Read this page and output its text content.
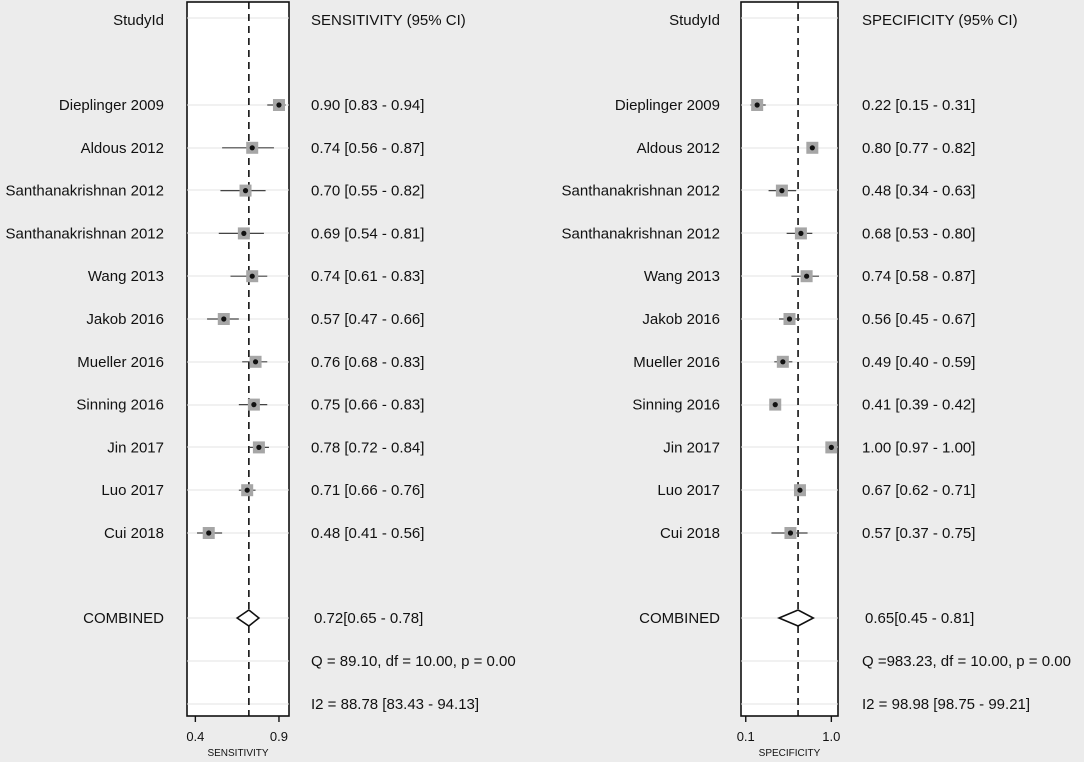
StudyId	SENSITIVITY (95% CI)
Dieplinger 2009	0.90 [0.83 - 0.94]
Aldous 2012	0.74 [0.56 - 0.87]
Santhanakrishnan 2012	0.70 [0.55 - 0.82]
Santhanakrishnan 2012	0.69 [0.54 - 0.81]
Wang 2013	0.74 [0.61 - 0.83]
Jakob 2016	0.57 [0.47 - 0.66]
Mueller 2016	0.76 [0.68 - 0.83]
Sinning 2016	0.75 [0.66 - 0.83]
Jin 2017	0.78 [0.72 - 0.84]
Luo 2017	0.71 [0.66 - 0.76]
Cui 2018	0.48 [0.41 - 0.56]
COMBINED	0.72[0.65 - 0.78]
Q = 89.10, df = 10.00, p = 0.00
I2 = 88.78 [83.43 - 94.13]
0.4	0.9
SENSITIVITY
StudyId	SPECIFICITY (95% CI)
Dieplinger 2009	0.22 [0.15 - 0.31]
Aldous 2012	0.80 [0.77 - 0.82]
Santhanakrishnan 2012	0.48 [0.34 - 0.63]
Santhanakrishnan 2012	0.68 [0.53 - 0.80]
Wang 2013	0.74 [0.58 - 0.87]
Jakob 2016	0.56 [0.45 - 0.67]
Mueller 2016	0.49 [0.40 - 0.59]
Sinning 2016	0.41 [0.39 - 0.42]
Jin 2017	1.00 [0.97 - 1.00]
Luo 2017	0.67 [0.62 - 0.71]
Cui 2018	0.57 [0.37 - 0.75]
COMBINED	0.65[0.45 - 0.81]
Q =983.23, df = 10.00, p = 0.00
I2 = 98.98 [98.75 - 99.21]
0.1	1.0
SPECIFICITY
